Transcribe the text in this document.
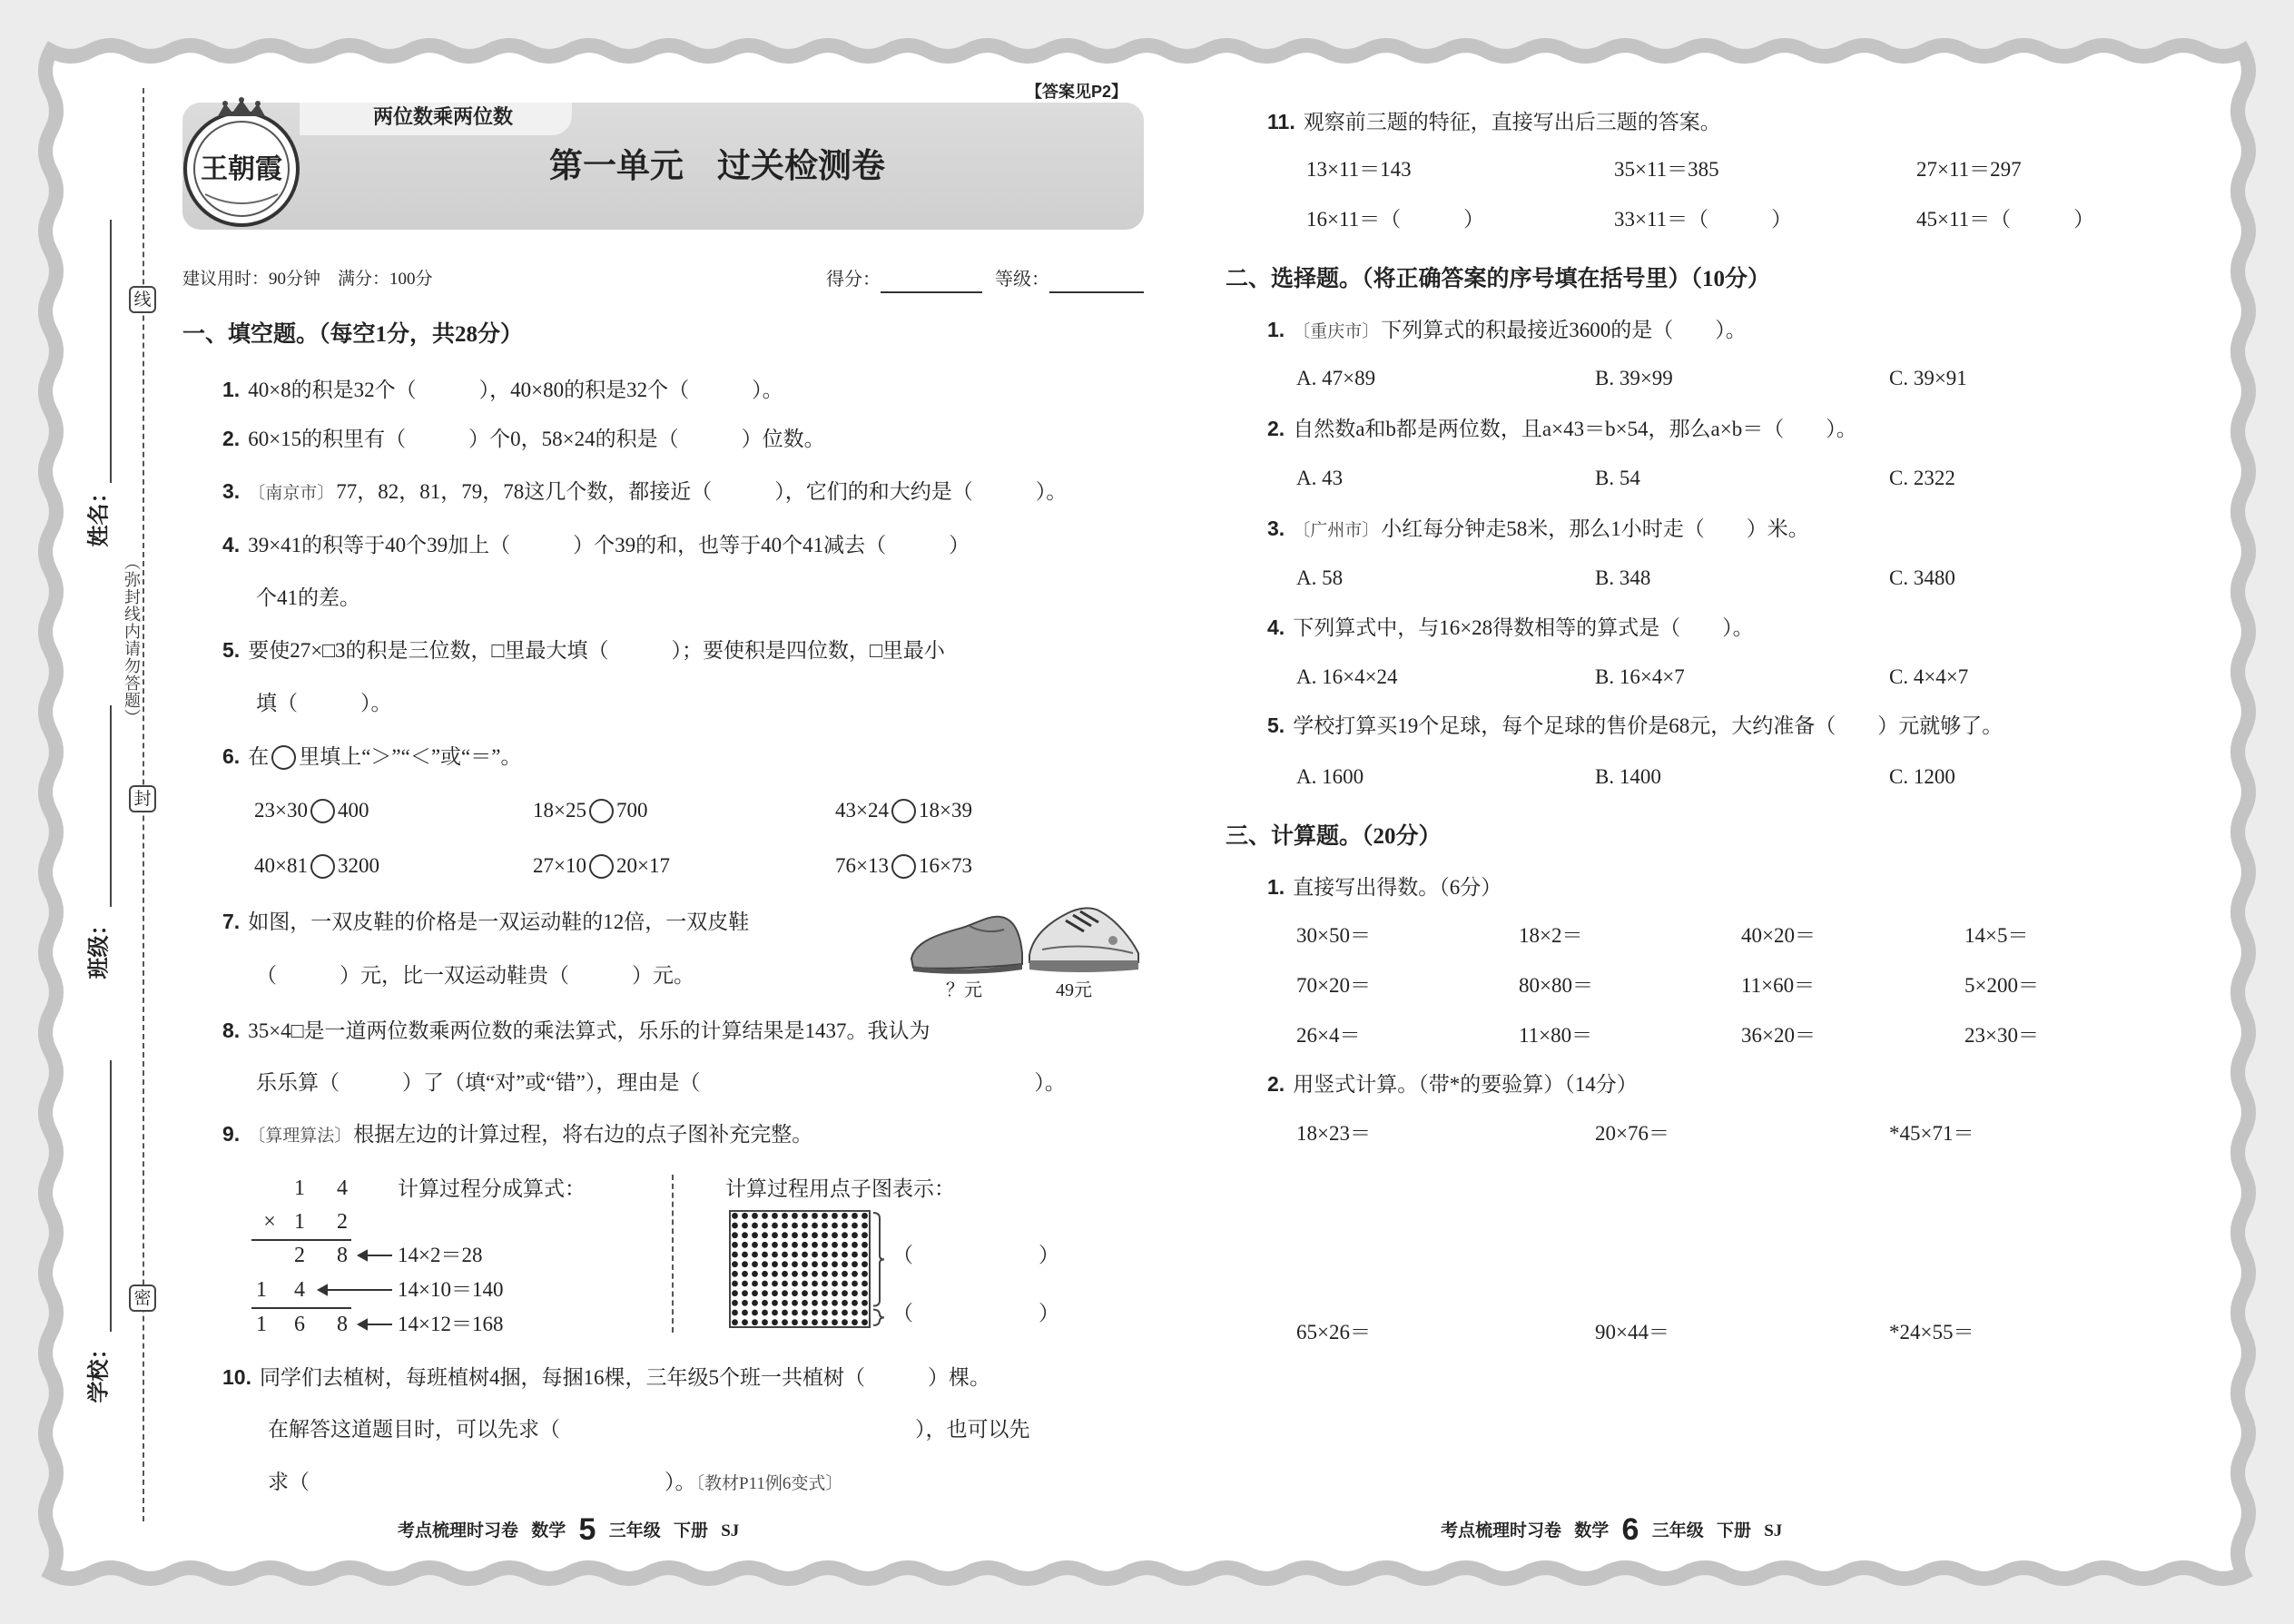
线
封
密
（弥封线内请勿答题）
姓名：
班级：
学校：
两位数乘两位数
【答案见P2】
王朝霞	第一单元　过关检测卷
建议用时：90分钟　满分：100分	得分：	等级：
一、填空题。（每空1分，共28分）
1. 40×8的积是32个（　　　），40×80的积是32个（　　　）。
2. 60×15的积里有（　　　）个0，58×24的积是（　　　）位数。
3. 〔南京市〕77，82，81，79，78这几个数，都接近（　　　），它们的和大约是（　　　）。
4. 39×41的积等于40个39加上（　　　）个39的和，也等于40个41减去（　　　）
个41的差。
5. 要使27×□3的积是三位数，□里最大填（　　　）；要使积是四位数，□里最小
填（　　　）。
6. 在 里填上“＞”“＜”或“＝”。
23×30 400	18×25 700	43×24 18×39
40×81 3200	27×10 20×17	76×13 16×73
7. 如图，一双皮鞋的价格是一双运动鞋的12倍，一双皮鞋
（　　　）元，比一双运动鞋贵（　　　）元。
？元	49元
8. 35×4□是一道两位数乘两位数的乘法算式，乐乐的计算结果是1437。我认为
乐乐算（　　　）了（填“对”或“错”），理由是（　　　　　　　　　　　　　　　　）。
9. 〔算理算法〕根据左边的计算过程，将右边的点子图补充完整。
1	4
× 1	2
2	8
1	4
1	6	8
计算过程分成算式：
14×2＝28
14×10＝140
14×12＝168
计算过程用点子图表示：
（　　　　　　）
（　　　　　　）
10. 同学们去植树，每班植树4捆，每捆16棵，三年级5个班一共植树（　　　）棵。
在解答这道题目时，可以先求（　　　　　　　　　　　　　　　　　），也可以先
求（　　　　　　　　　　　　　　　　　）。〔教材P11例6变式〕
考点梳理时习卷 数学 5 三年级 下册 SJ
11. 观察前三题的特征，直接写出后三题的答案。
13×11＝143	35×11＝385	27×11＝297
16×11＝（　　　）	33×11＝（　　　）	45×11＝（　　　）
二、选择题。（将正确答案的序号填在括号里）（10分）
1. 〔重庆市〕下列算式的积最接近3600的是（　　）。
A. 47×89	B. 39×99	C. 39×91
2. 自然数a和b都是两位数，且a×43＝b×54，那么a×b＝（　　）。
A. 43	B. 54	C. 2322
3. 〔广州市〕小红每分钟走58米，那么1小时走（　　）米。
A. 58	B. 348	C. 3480
4. 下列算式中，与16×28得数相等的算式是（　　）。
A. 16×4×24	B. 16×4×7	C. 4×4×7
5. 学校打算买19个足球，每个足球的售价是68元，大约准备（　　）元就够了。
A. 1600	B. 1400	C. 1200
三、计算题。（20分）
1. 直接写出得数。（6分）
30×50＝	18×2＝	40×20＝	14×5＝
70×20＝	80×80＝	11×60＝	5×200＝
26×4＝	11×80＝	36×20＝	23×30＝
2. 用竖式计算。（带*的要验算）（14分）
18×23＝	20×76＝	*45×71＝
65×26＝	90×44＝	*24×55＝
考点梳理时习卷 数学 6 三年级 下册 SJ
